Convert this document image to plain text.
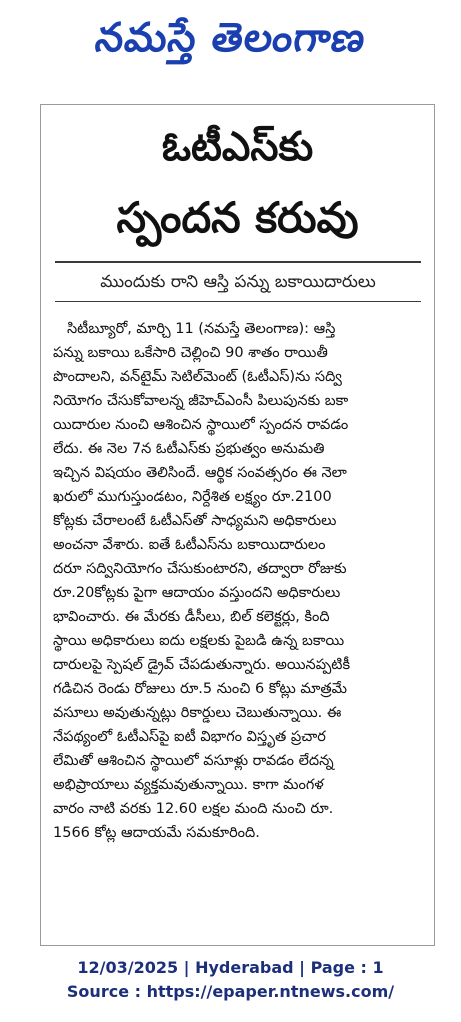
నమస్తే తెలంగాణ
ఓటీఎస్‌కు
స్పందన కరువు
ముందుకు రాని ఆస్తి పన్ను బకాయిదారులు
సిటీబ్యూరో, మార్చి 11 (నమస్తే తెలంగాణ): ఆస్తి
పన్ను బకాయి ఒకేసారి చెల్లించి 90 శాతం రాయితీ
పొందాలని, వన్‌టైమ్ సెటిల్‌మెంట్ (ఓటీఎస్)ను సద్వి
నియోగం చేసుకోవాలన్న జీహెచ్ఎంసీ పిలుపునకు బకా
యిదారుల నుంచి ఆశించిన స్థాయిలో స్పందన రావడం
లేదు. ఈ నెల 7న ఓటీఎస్‌కు ప్రభుత్వం అనుమతి
ఇచ్చిన విషయం తెలిసిందే. ఆర్థిక సంవత్సరం ఈ నెలా
ఖరులో ముగుస్తుండటం, నిర్దేశిత లక్ష్యం రూ.2100
కోట్లకు చేరాలంటే ఓటీఎస్‌తో సాధ్యమని అధికారులు
అంచనా వేశారు. ఐతే ఓటీఎస్‌ను బకాయిదారులం
దరూ సద్వినియోగం చేసుకుంటారని, తద్వారా రోజుకు
రూ.20కోట్లకు పైగా ఆదాయం వస్తుందని అధికారులు
భావించారు. ఈ మేరకు డీసీలు, బిల్ కలెక్టర్లు, కింది
స్థాయి అధికారులు ఐదు లక్షలకు పైబడి ఉన్న బకాయి
దారులపై స్పెషల్ డ్రైవ్ చేపడుతున్నారు. అయినప్పటికీ
గడిచిన రెండు రోజులు రూ.5 నుంచి 6 కోట్లు మాత్రమే
వసూలు అవుతున్నట్లు రికార్డులు చెబుతున్నాయి. ఈ
నేపథ్యంలో ఓటీఎస్‌పై ఐటీ విభాగం విస్తృత ప్రచార
లేమితో ఆశించిన స్థాయిలో వసూళ్లు రావడం లేదన్న
అభిప్రాయాలు వ్యక్తమవుతున్నాయి. కాగా మంగళ
వారం నాటి వరకు 12.60 లక్షల మంది నుంచి రూ.
1566 కోట్ల ఆదాయమే సమకూరింది.
12/03/2025 | Hyderabad | Page : 1
Source : https://epaper.ntnews.com/
